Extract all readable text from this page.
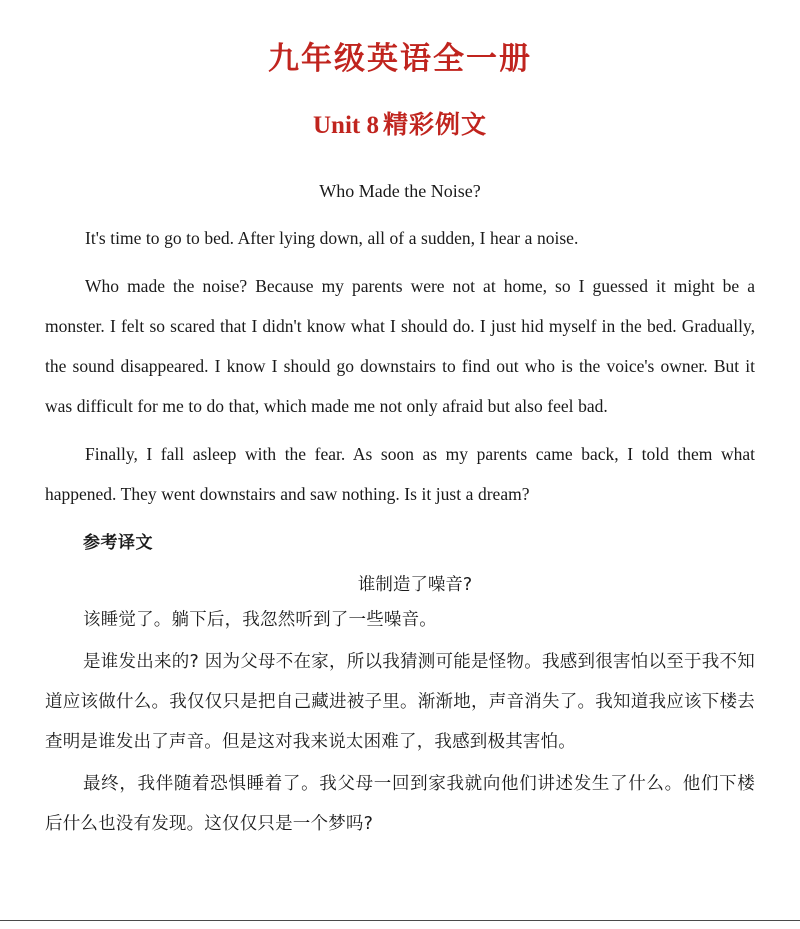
九年级英语全一册
Unit 8 精彩例文
Who Made the Noise?

It's time to go to bed. After lying down, all of a sudden, I hear a noise.

Who made the noise? Because my parents were not at home, so I guessed it might be a monster. I felt so scared that I didn't know what I should do. I just hid myself in the bed. Gradually, the sound disappeared. I know I should go downstairs to find out who is the voice's owner. But it was difficult for me to do that, which made me not only afraid but also feel bad.

Finally, I fall asleep with the fear. As soon as my parents came back, I told them what happened. They went downstairs and saw nothing. Is it just a dream?

参考译文

谁制造了噪音?

该睡觉了。躺下后，我忽然听到了一些噪音。

是谁发出来的? 因为父母不在家，所以我猜测可能是怪物。我感到很害怕以至于我不知道应该做什么。我仅仅只是把自己藏进被子里。渐渐地，声音消失了。我知道我应该下楼去查明是谁发出了声音。但是这对我来说太困难了，我感到极其害怕。

最终，我伴随着恐惧睡着了。我父母一回到家我就向他们讲述发生了什么。他们下楼后什么也没有发现。这仅仅只是一个梦吗?
